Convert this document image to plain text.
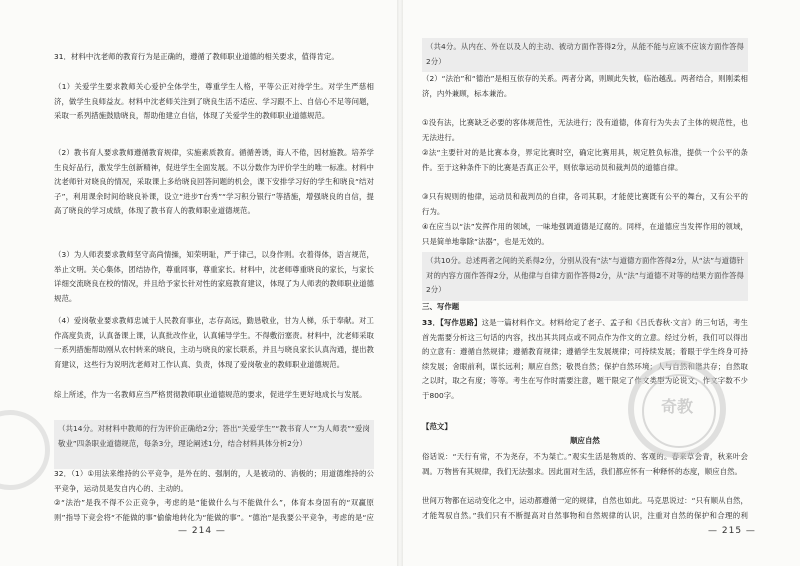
31．材料中沈老师的教育行为是正确的，遵循了教师职业道德的相关要求，值得肯定。
（1）关爱学生要求教师关心爱护全体学生，尊重学生人格，平等公正对待学生。对学生严慈相济，做学生良师益友。材料中沈老师关注到了晓良生活不适应、学习跟不上、自信心不足等问题，采取一系列措施鼓励晓良，帮助他建立自信，体现了关爱学生的教师职业道德规范。
（2）教书育人要求教师遵循教育规律，实施素质教育。循循善诱，诲人不倦，因材施教。培养学生良好品行，激发学生创新精神，促进学生全面发展。不以分数作为评价学生的唯一标准。材料中沈老师针对晓良的情况，采取课上多给晓良回答问题的机会，课下安排学习好的学生和晓良“结对子”，利用课余时间给晓良补课，设立“进步T台秀”“学习积分银行”等措施，增强晓良的自信，提高了晓良的学习成绩，体现了教书育人的教师职业道德规范。
（3）为人师表要求教师坚守高尚情操，知荣明耻，严于律己，以身作则。衣着得体，语言规范，举止文明。关心集体，团结协作，尊重同事，尊重家长。材料中，沈老师尊重晓良的家长，与家长详细交流晓良在校的情况，并且给予家长针对性的家庭教育建议，体现了为人师表的教师职业道德规范。
（4）爱岗敬业要求教师忠诚于人民教育事业，志存高远，勤恳敬业，甘为人梯，乐于奉献。对工作高度负责，认真备课上课，认真批改作业，认真辅导学生。不得敷衍塞责。材料中，沈老师采取一系列措施帮助刚从农村转来的晓良，主动与晓良的家长联系，并且与晓良家长认真沟通，提出教育建议，这些行为说明沈老师对工作认真、负责，体现了爱岗敬业的教师职业道德规范。
综上所述，作为一名教师应当严格贯彻教师职业道德规范的要求，促进学生更好地成长与发展。
（共14分。对材料中教师的行为评价正确给2分；答出“关爱学生”“教书育人”“为人师表”“爱岗敬业”四条职业道德规范，每条3分，理论阐述1分，结合材料具体分析2分）
32．（1）①用法来维持的公平竞争，是外在的、强制的，人是被动的、消极的；用道德维持的公平竞争，运动员是发自内心的、主动的。
②“法治”是我不得不公正竞争，考虑的是“能做什么与不能做什么”，体育本身固有的“双赢原则”指导下竞会将“不能做的事”偷偷地转化为“能做的事”。“德治”是我要公平竞争，考虑的是“应
— 214 —
（共4分。从内在、外在以及人的主动、被动方面作答得2分，从能不能与应该不应该方面作答得2分）
（2）“法治”和“德治”是相互依存的关系。两者分离，则顾此失彼，临治越乱。两者结合，则刚柔相济，内外兼顾，标本兼治。
①没有法，比赛缺乏必要的客体规范性，无法进行；没有道德，体育行为失去了主体的规范性，也无法进行。
②法“主要针对的是比赛本身，界定比赛时空，确定比赛用具，规定胜负标准，提供一个公平的条件。至于这种条件下的比赛是否真正公平，则依靠运动员和裁判员的道德自律。
③只有规则的他律，运动员和裁判员的自律，各司其职，才能使比赛既有公平的舞台，又有公平的行为。
④在应当以“法”发挥作用的领域，一味地强调道德是辽腐的。同样，在道德应当发挥作用的领域，只是简单地靠除“法器”，也是无效的。
（共10分。总述两者之间的关系得2分，分别从没有“法”与道德方面作答得2分，从“法”与道德针对的内容方面作答得2分，从他律与自律方面作答得2分，从“法”与道德不对等的结果方面作答得2分）
三、写作题
33．【写作思路】这是一篇材料作文。材料给定了老子、孟子和《吕氏春秋·文言》的三句话，考生首先需要分析这三句话的内容，找出其共同点或不同点作为作文的立意。经过分析，我们可以得出的立意有：遵循自然规律；遵循教育规律；遵循学生发展规律；可持续发展；着眼于学生终身可持续发展；舍眼前利，谋长远利；顺应自然；敬畏自然；保护自然环境；人与自然和谐共存；自然取之以时，取之有度；等等。考生在写作时需要注意，题干限定了作文类型为论说文，作文字数不少于800字。
【范文】
顺应自然
俗话说：“天行有常，不为尧存，不为桀亡。”观实生活是物质的、客观的。春来草会青，秋来叶会凋。万物皆有其规律，我们无法强求。因此面对生活，我们都应怀有一种释怀的态度，顺应自然。
世间万物都在运动变化之中，运动都遵循一定的规律，自然也如此。马克思说过：“只有顺从自然，才能驾驭自然。”我们只有不断提高对自然事物和自然规律的认识，注重对自然的保护和合理的利
— 215 —
奇教
